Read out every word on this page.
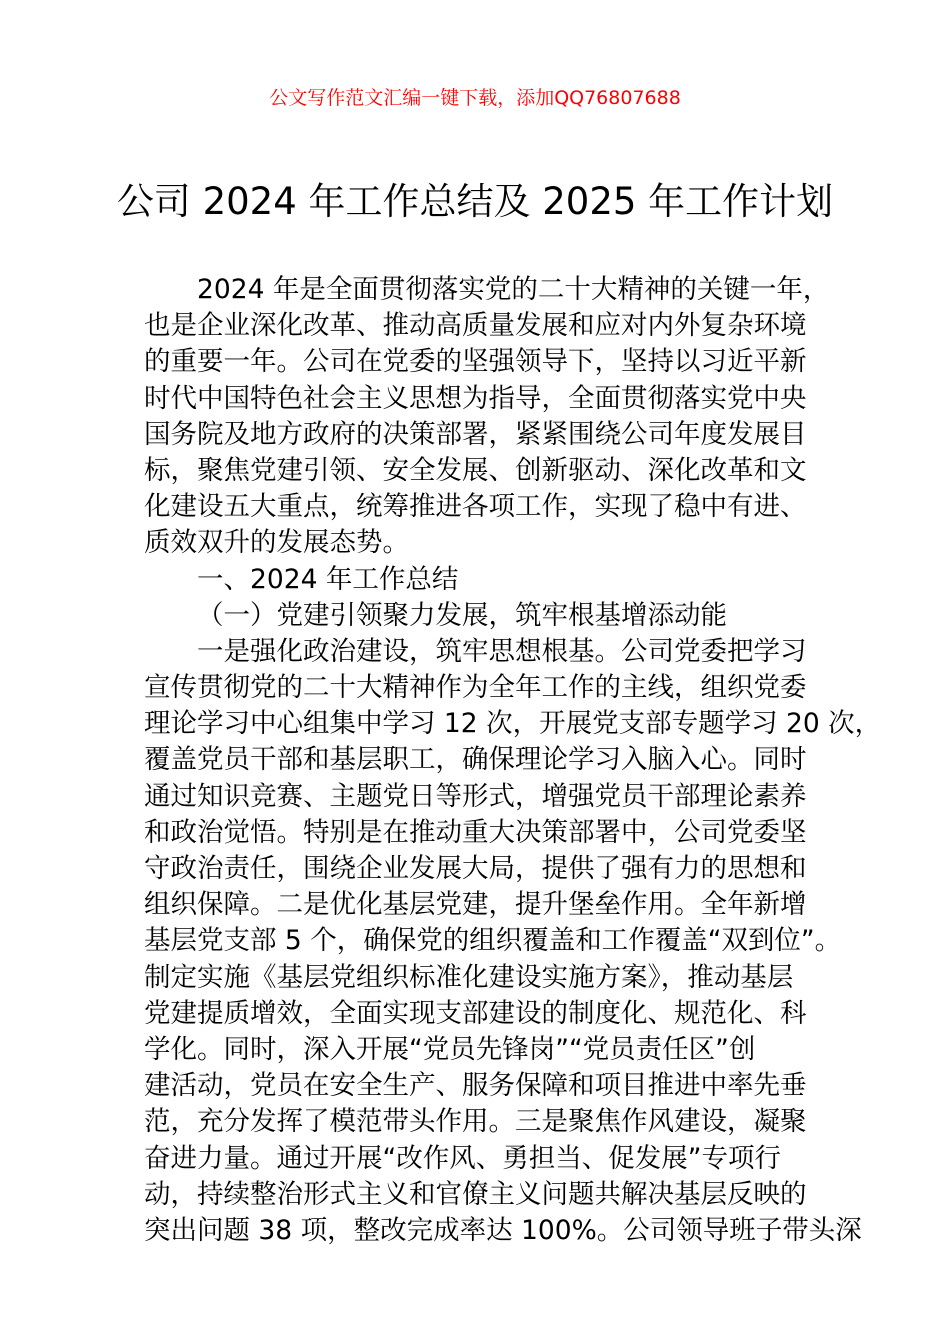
公文写作范文汇编一键下载，添加QQ76807688
公司 2024 年工作总结及 2025 年工作计划
2024 年是全面贯彻落实党的二十大精神的关键一年，
也是企业深化改革、推动高质量发展和应对内外复杂环境
的重要一年。公司在党委的坚强领导下，坚持以习近平新
时代中国特色社会主义思想为指导，全面贯彻落实党中央
国务院及地方政府的决策部署，紧紧围绕公司年度发展目
标，聚焦党建引领、安全发展、创新驱动、深化改革和文
化建设五大重点，统筹推进各项工作，实现了稳中有进、
质效双升的发展态势。
一、2024 年工作总结
（一）党建引领聚力发展，筑牢根基增添动能
一是强化政治建设，筑牢思想根基。公司党委把学习
宣传贯彻党的二十大精神作为全年工作的主线，组织党委
理论学习中心组集中学习 12 次，开展党支部专题学习 20 次，
覆盖党员干部和基层职工，确保理论学习入脑入心。同时
通过知识竞赛、主题党日等形式，增强党员干部理论素养
和政治觉悟。特别是在推动重大决策部署中，公司党委坚
守政治责任，围绕企业发展大局，提供了强有力的思想和
组织保障。二是优化基层党建，提升堡垒作用。全年新增
基层党支部 5 个，确保党的组织覆盖和工作覆盖“双到位”。
制定实施《基层党组织标准化建设实施方案》，推动基层
党建提质增效，全面实现支部建设的制度化、规范化、科
学化。同时，深入开展“党员先锋岗”“党员责任区”创
建活动，党员在安全生产、服务保障和项目推进中率先垂
范，充分发挥了模范带头作用。三是聚焦作风建设，凝聚
奋进力量。通过开展“改作风、勇担当、促发展”专项行
动，持续整治形式主义和官僚主义问题共解决基层反映的
突出问题 38 项，整改完成率达 100%。公司领导班子带头深
